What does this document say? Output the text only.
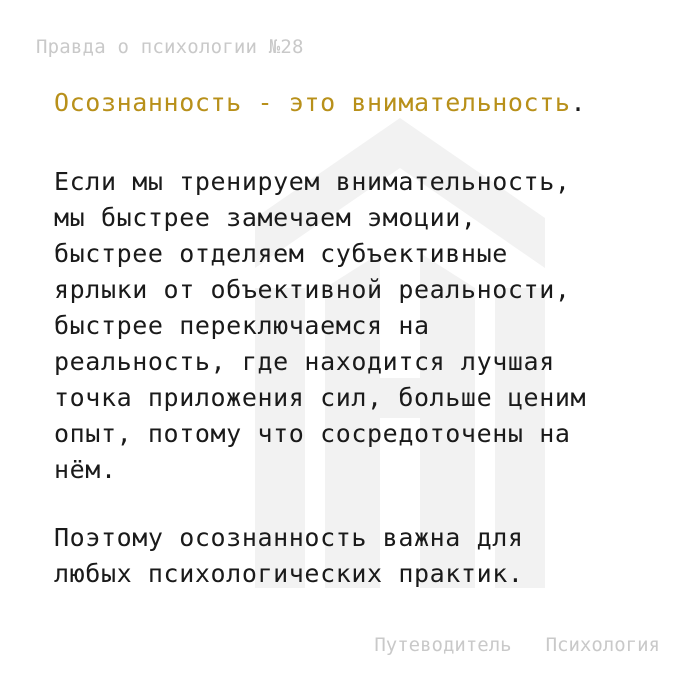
Правда о психологии №28
Осознанность - это внимательность.
Если мы тренируем внимательность,
мы быстрее замечаем эмоции,
быстрее отделяем субъективные
ярлыки от объективной реальности,
быстрее переключаемся на
реальность, где находится лучшая
точка приложения сил, больше ценим
опыт, потому что сосредоточены на
нём.
Поэтому осознанность важна для
любых психологических практик.
Путеводитель Психология
